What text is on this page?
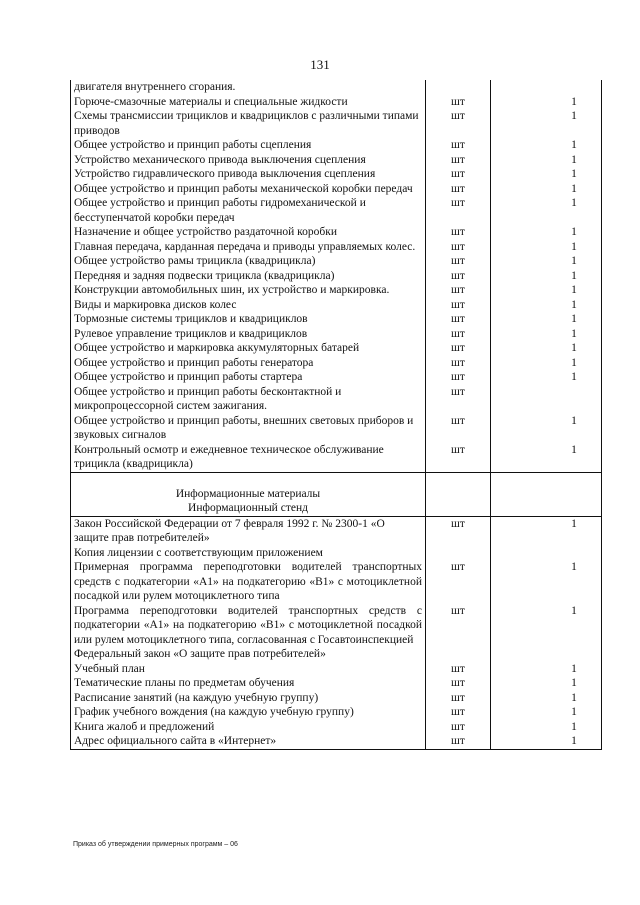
131
двигателя внутреннего сгорания.		
Горюче-смазочные материалы и специальные жидкости	шт	1
Схемы трансмиссии трициклов и квадрициклов с различными типами приводов	шт	1
Общее устройство и принцип работы сцепления	шт	1
Устройство механического привода выключения сцепления	шт	1
Устройство гидравлического привода выключения сцепления	шт	1
Общее устройство и принцип работы механической коробки передач	шт	1
Общее устройство и принцип работы гидромеханической и бесступенчатой коробки передач	шт	1
Назначение и общее устройство раздаточной коробки	шт	1
Главная передача, карданная передача и приводы управляемых колес.	шт	1
Общее устройство рамы трицикла (квадрицикла)	шт	1
Передняя и задняя подвески трицикла (квадрицикла)	шт	1
Конструкции автомобильных шин, их устройство и маркировка.	шт	1
Виды и маркировка дисков колес	шт	1
Тормозные системы трициклов и квадрициклов	шт	1
Рулевое управление трициклов и квадрициклов	шт	1
Общее устройство и маркировка аккумуляторных батарей	шт	1
Общее устройство и принцип работы генератора	шт	1
Общее устройство и принцип работы стартера	шт	1
Общее устройство и принцип работы бесконтактной и микропроцессорной систем зажигания.	шт	
Общее устройство и принцип работы, внешних световых приборов и звуковых сигналов	шт	1
Контрольный осмотр и ежедневное техническое обслуживание трицикла (квадрицикла)	шт	1

Информационные материалы		
Информационный стенд		
Закон Российской Федерации от 7 февраля 1992 г. № 2300-1 «О защите прав потребителей»	шт	1
Копия лицензии с соответствующим приложением		
Примерная программа переподготовки водителей транспортных средств с подкатегории «A1» на подкатегорию «B1» с мотоциклетной посадкой или рулем мотоциклетного типа	шт	1
Программа переподготовки водителей транспортных средств с подкатегории «A1» на подкатегорию «B1» с мотоциклетной посадкой или рулем мотоциклетного типа, согласованная с Госавтоинспекцией	шт	1
Федеральный закон «О защите прав потребителей»		
Учебный план	шт	1
Тематические планы по предметам обучения	шт	1
Расписание занятий (на каждую учебную группу)	шт	1
График учебного вождения (на каждую учебную группу)	шт	1
Книга жалоб и предложений	шт	1
Адрес официального сайта в «Интернет»	шт	1
Приказ об утверждении примерных программ – 06
